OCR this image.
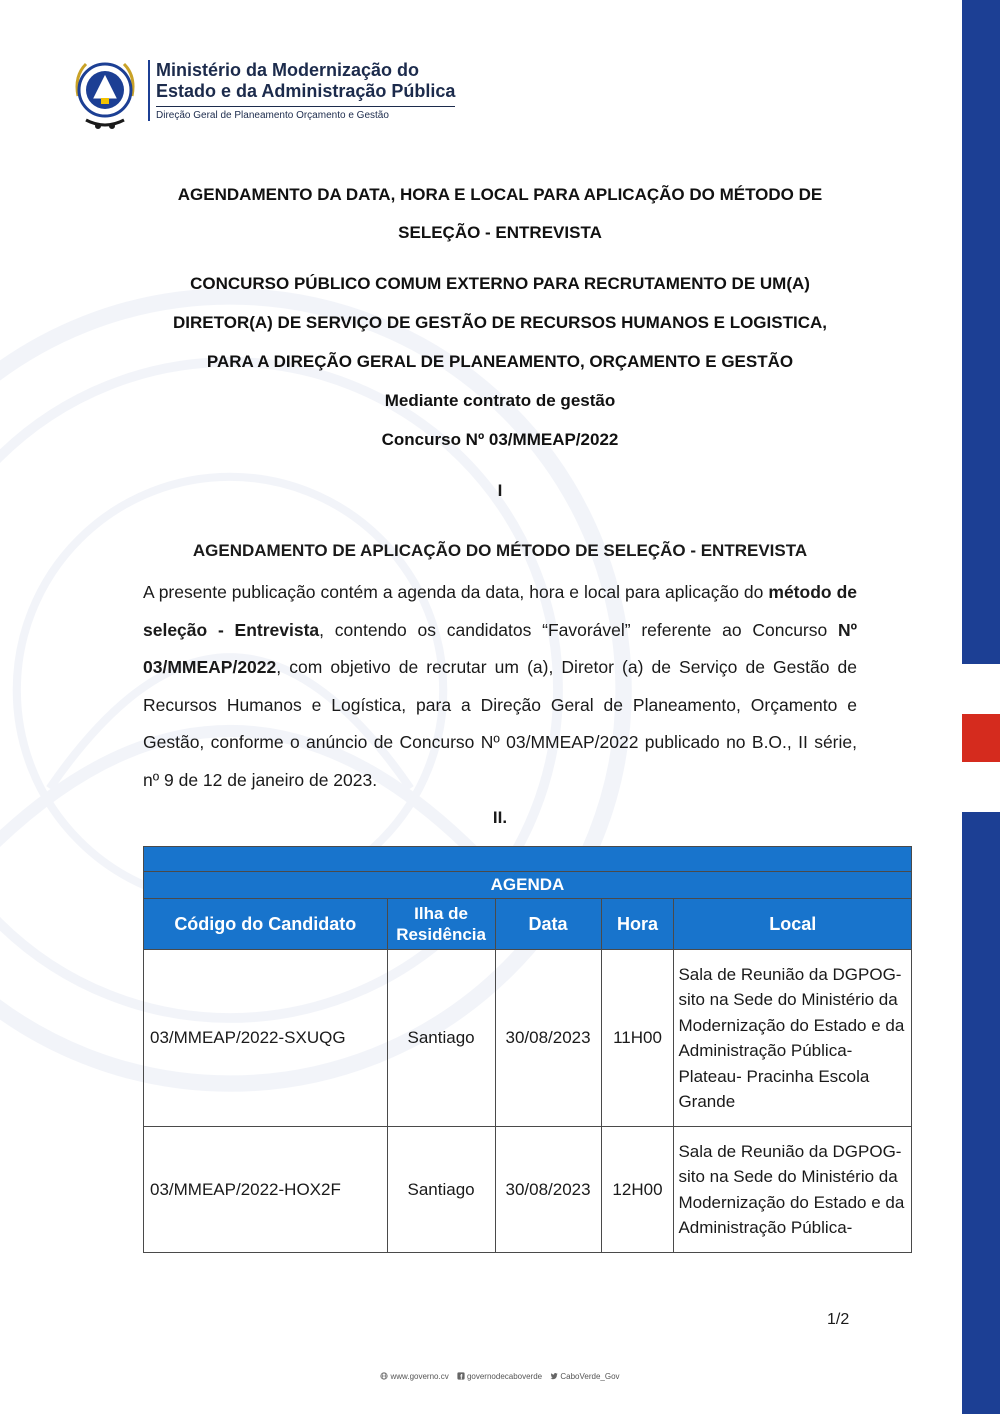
Ministério da Modernização do
Estado e da Administração Pública
Direção Geral de Planeamento Orçamento e Gestão
AGENDAMENTO DA DATA, HORA E LOCAL PARA APLICAÇÃO DO MÉTODO DE
SELEÇÃO - ENTREVISTA
CONCURSO PÚBLICO COMUM EXTERNO PARA RECRUTAMENTO DE UM(A)
DIRETOR(A) DE SERVIÇO DE GESTÃO DE RECURSOS HUMANOS E LOGISTICA,
PARA A DIREÇÃO GERAL DE PLANEAMENTO, ORÇAMENTO E GESTÃO
Mediante contrato de gestão
Concurso Nº 03/MMEAP/2022
I
AGENDAMENTO DE APLICAÇÃO DO MÉTODO DE SELEÇÃO - ENTREVISTA
A presente publicação contém a agenda da data, hora e local para aplicação do método de seleção - Entrevista, contendo os candidatos “Favorável” referente ao Concurso Nº 03/MMEAP/2022, com objetivo de recrutar um (a), Diretor (a) de Serviço de Gestão de Recursos Humanos e Logística, para a Direção Geral de Planeamento, Orçamento e Gestão, conforme o anúncio de Concurso Nº 03/MMEAP/2022 publicado no B.O., II série, nº 9 de 12 de janeiro de 2023.
II.

AGENDA				
Código do Candidato	Ilha de Residência	Data	Hora	Local
03/MMEAP/2022-SXUQG	Santiago	30/08/2023	11H00	Sala de Reunião da DGPOG- sito na Sede do Ministério da Modernização do Estado e da Administração Pública- Plateau- Pracinha Escola Grande
03/MMEAP/2022-HOX2F	Santiago	30/08/2023	12H00	Sala de Reunião da DGPOG- sito na Sede do Ministério da Modernização do Estado e da Administração Pública-
1/2
www.governo.cv governodecaboverde CaboVerde_Gov
